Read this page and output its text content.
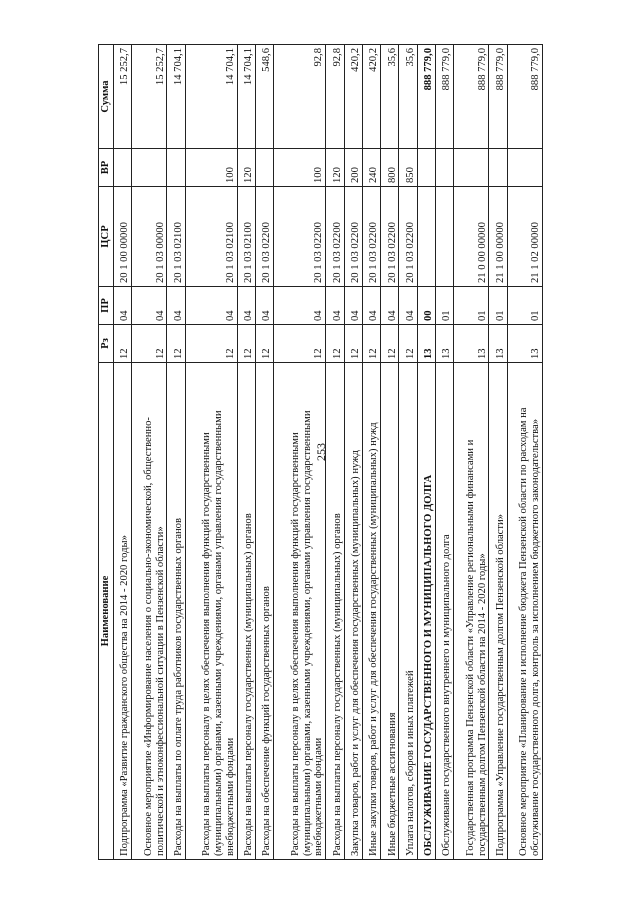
253
Наименование	Рз	ПР	ЦСР	ВР	Сумма
Подпрограмма «Развитие гражданского общества на 2014 - 2020 годы»	12	04	20 1 00 00000		15 252,7
Основное мероприятие «Информирование населения о социально-экономической, общественно-политической и этноконфессиональной ситуации в Пензенской области»	12	04	20 1 03 00000		15 252,7
Расходы на выплаты по оплате труда работников государственных органов	12	04	20 1 03 02100		14 704,1
Расходы на выплаты персоналу в целях обеспечения выполнения функций государственными (муниципальными) органами, казенными учреждениями, органами управления государственными внебюджетными фондами	12	04	20 1 03 02100	100	14 704,1
Расходы на выплаты персоналу государственных (муниципальных) органов	12	04	20 1 03 02100	120	14 704,1
Расходы на обеспечение функций государственных органов	12	04	20 1 03 02200		548,6
Расходы на выплаты персоналу в целях обеспечения выполнения функций государственными (муниципальными) органами, казенными учреждениями, органами управления государственными внебюджетными фондами	12	04	20 1 03 02200	100	92,8
Расходы на выплаты персоналу государственных (муниципальных) органов	12	04	20 1 03 02200	120	92,8
Закупка товаров, работ и услуг для обеспечения государственных (муниципальных) нужд	12	04	20 1 03 02200	200	420,2
Иные закупки товаров, работ и услуг для обеспечения государственных (муниципальных) нужд	12	04	20 1 03 02200	240	420,2
Иные бюджетные ассигнования	12	04	20 1 03 02200	800	35,6
Уплата налогов, сборов и иных платежей	12	04	20 1 03 02200	850	35,6
ОБСЛУЖИВАНИЕ ГОСУДАРСТВЕННОГО И МУНИЦИПАЛЬНОГО ДОЛГА	13	00			888 779,0
Обслуживание государственного внутреннего и муниципального долга	13	01			888 779,0
Государственная программа Пензенской области «Управление региональными финансами и государственным долгом Пензенской области на 2014 - 2020 годы»	13	01	21 0 00 00000		888 779,0
Подпрограмма «Управление государственным долгом Пензенской области»	13	01	21 1 00 00000		888 779,0
Основное мероприятие «Планирование и исполнение бюджета Пензенской области по расходам на обслуживание государственного долга, контроль за исполнением бюджетного законодательства»	13	01	21 1 02 00000		888 779,0
